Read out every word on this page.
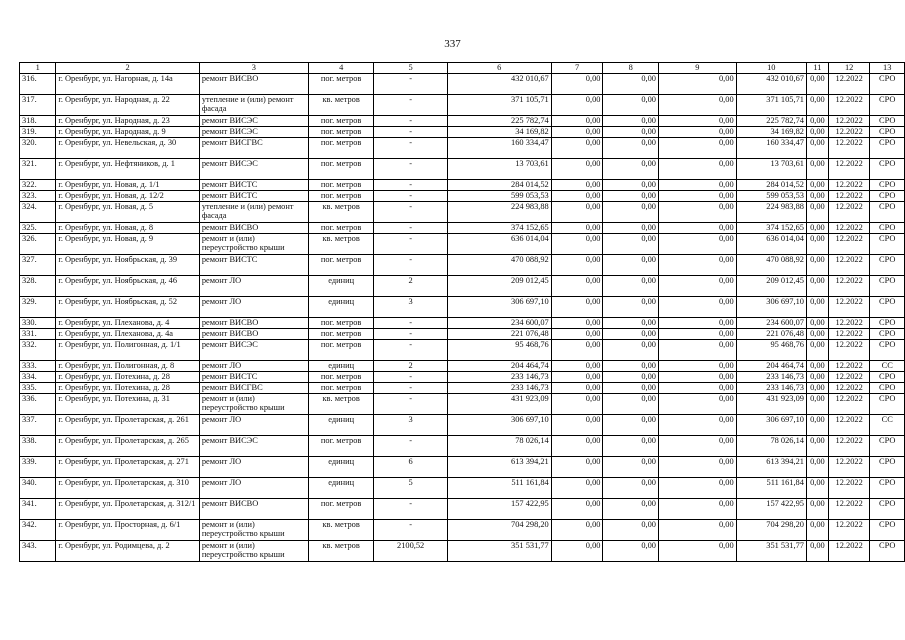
337
1	2	3	4	5	6	7	8	9	10	11	12	13
316.	г. Оренбург, ул. Нагорная, д. 14а	ремонт ВИСВО	пог. метров	-	432 010,67	0,00	0,00	0,00	432 010,67	0,00	12.2022	СРО
317.	г. Оренбург, ул. Народная, д. 22	утепление и (или) ремонт фасада	кв. метров	-	371 105,71	0,00	0,00	0,00	371 105,71	0,00	12.2022	СРО
318.	г. Оренбург, ул. Народная, д. 23	ремонт ВИСЭС	пог. метров	-	225 782,74	0,00	0,00	0,00	225 782,74	0,00	12.2022	СРО
319.	г. Оренбург, ул. Народная, д. 9	ремонт ВИСЭС	пог. метров	-	34 169,82	0,00	0,00	0,00	34 169,82	0,00	12.2022	СРО
320.	г. Оренбург, ул. Невельская, д. 30	ремонт ВИСГВС	пог. метров	-	160 334,47	0,00	0,00	0,00	160 334,47	0,00	12.2022	СРО
321.	г. Оренбург, ул. Нефтяников, д. 1	ремонт ВИСЭС	пог. метров	-	13 703,61	0,00	0,00	0,00	13 703,61	0,00	12.2022	СРО
322.	г. Оренбург, ул. Новая, д. 1/1	ремонт ВИСТС	пог. метров	-	284 014,52	0,00	0,00	0,00	284 014,52	0,00	12.2022	СРО
323.	г. Оренбург, ул. Новая, д. 12/2	ремонт ВИСТС	пог. метров	-	599 053,53	0,00	0,00	0,00	599 053,53	0,00	12.2022	СРО
324.	г. Оренбург, ул. Новая, д. 5	утепление и (или) ремонт фасада	кв. метров	-	224 983,88	0,00	0,00	0,00	224 983,88	0,00	12.2022	СРО
325.	г. Оренбург, ул. Новая, д. 8	ремонт ВИСВО	пог. метров	-	374 152,65	0,00	0,00	0,00	374 152,65	0,00	12.2022	СРО
326.	г. Оренбург, ул. Новая, д. 9	ремонт и (или) переустройство крыши	кв. метров	-	636 014,04	0,00	0,00	0,00	636 014,04	0,00	12.2022	СРО
327.	г. Оренбург, ул. Ноябрьская, д. 39	ремонт ВИСТС	пог. метров	-	470 088,92	0,00	0,00	0,00	470 088,92	0,00	12.2022	СРО
328.	г. Оренбург, ул. Ноябрьская, д. 46	ремонт ЛО	единиц	2	209 012,45	0,00	0,00	0,00	209 012,45	0,00	12.2022	СРО
329.	г. Оренбург, ул. Ноябрьская, д. 52	ремонт ЛО	единиц	3	306 697,10	0,00	0,00	0,00	306 697,10	0,00	12.2022	СРО
330.	г. Оренбург, ул. Плеханова, д. 4	ремонт ВИСВО	пог. метров	-	234 600,07	0,00	0,00	0,00	234 600,07	0,00	12.2022	СРО
331.	г. Оренбург, ул. Плеханова, д. 4а	ремонт ВИСВО	пог. метров	-	221 076,48	0,00	0,00	0,00	221 076,48	0,00	12.2022	СРО
332.	г. Оренбург, ул. Полигонная, д. 1/1	ремонт ВИСЭС	пог. метров	-	95 468,76	0,00	0,00	0,00	95 468,76	0,00	12.2022	СРО
333.	г. Оренбург, ул. Полигонная, д. 8	ремонт ЛО	единиц	2	204 464,74	0,00	0,00	0,00	204 464,74	0,00	12.2022	СС
334.	г. Оренбург, ул. Потехина, д. 28	ремонт ВИСТС	пог. метров	-	233 146,73	0,00	0,00	0,00	233 146,73	0,00	12.2022	СРО
335.	г. Оренбург, ул. Потехина, д. 28	ремонт ВИСГВС	пог. метров	-	233 146,73	0,00	0,00	0,00	233 146,73	0,00	12.2022	СРО
336.	г. Оренбург, ул. Потехина, д. 31	ремонт и (или) переустройство крыши	кв. метров	-	431 923,09	0,00	0,00	0,00	431 923,09	0,00	12.2022	СРО
337.	г. Оренбург, ул. Пролетарская, д. 261	ремонт ЛО	единиц	3	306 697,10	0,00	0,00	0,00	306 697,10	0,00	12.2022	СС
338.	г. Оренбург, ул. Пролетарская, д. 265	ремонт ВИСЭС	пог. метров	-	78 026,14	0,00	0,00	0,00	78 026,14	0,00	12.2022	СРО
339.	г. Оренбург, ул. Пролетарская, д. 271	ремонт ЛО	единиц	6	613 394,21	0,00	0,00	0,00	613 394,21	0,00	12.2022	СРО
340.	г. Оренбург, ул. Пролетарская, д. 310	ремонт ЛО	единиц	5	511 161,84	0,00	0,00	0,00	511 161,84	0,00	12.2022	СРО
341.	г. Оренбург, ул. Пролетарская, д. 312/1	ремонт ВИСВО	пог. метров	-	157 422,95	0,00	0,00	0,00	157 422,95	0,00	12.2022	СРО
342.	г. Оренбург, ул. Просторная, д. 6/1	ремонт и (или) переустройство крыши	кв. метров	-	704 298,20	0,00	0,00	0,00	704 298,20	0,00	12.2022	СРО
343.	г. Оренбург, ул. Родимцева, д. 2	ремонт и (или) переустройство крыши	кв. метров	2100,52	351 531,77	0,00	0,00	0,00	351 531,77	0,00	12.2022	СРО
